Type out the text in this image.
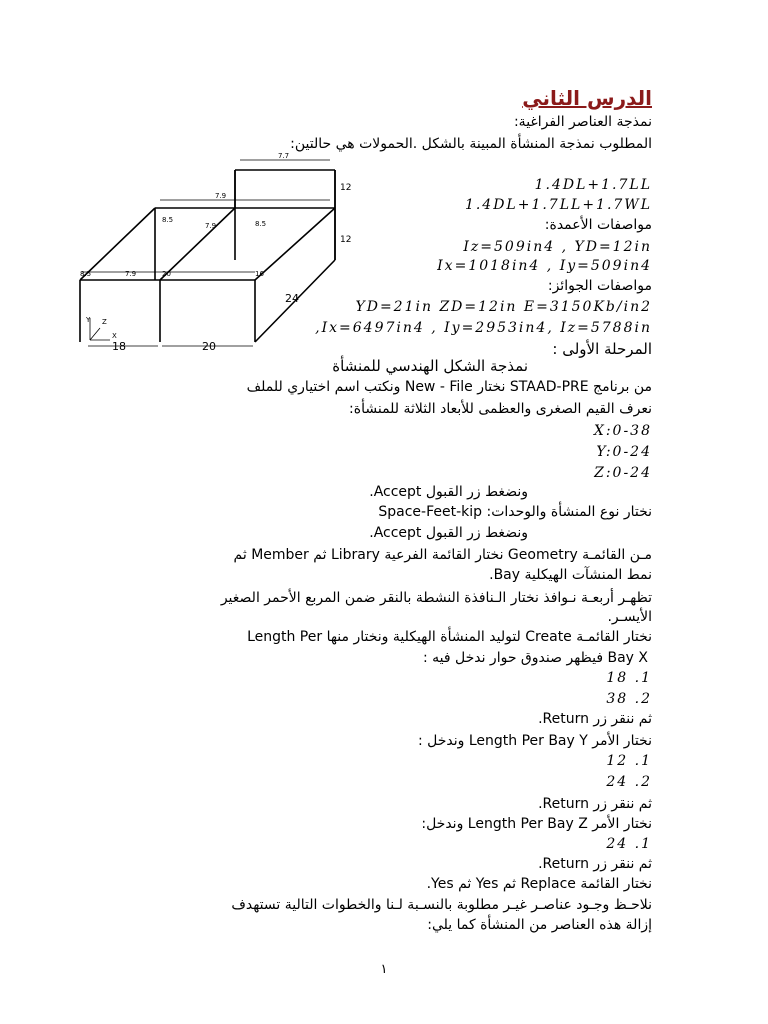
الدرس الثاني
نمذجة العناصر الفراغية:
المطلوب نمذجة المنشأة المبينة بالشكل .الحمولات هي حالتين:
1.4DL+1.7LL
1.4DL+1.7LL+1.7WL
مواصفات الأعمدة:
Iz=509in4 , YD=12in
Ix=1018in4 , Iy=509in4
مواصفات الجوائز:
YD=21in ZD=12in E=3150Kb/in2
Ix=6497in4 , Iy=2953in4, Iz=5788in,
المرحلة الأولى :
نمذجة الشكل الهندسي للمنشأة
من برنامج STAAD-PRE نختار New - File ونكتب اسم اختياري للملف
نعرف القيم الصغرى والعظمى للأبعاد الثلاثة للمنشأة:
X:0-38
Y:0-24
Z:0-24
ونضغط زر القبول Accept.
نختار نوع المنشأة والوحدات: Space-Feet-kip
ونضغط زر القبول Accept.
مـن القائمـة Geometry نختار القائمة الفرعية Library ثم Member ثم
نمط المنشآت الهيكلية Bay.
تظهـر أربعـة نـوافذ نختار الـنافذة النشطة بالنقر ضمن المربع الأحمر الصغير
الأيسـر.
نختار القائمـة Create لتوليد المنشأة الهيكلية ونختار منها Length Per
Bay X فيظهر صندوق حوار ندخل فيه :
1. 18
2. 38
ثم ننقر زر Return.
نختار الأمر Length Per Bay Y وندخل :
1. 12
2. 24
ثم ننقر زر Return.
نختار الأمر Length Per Bay Z وندخل:
1. 24
ثم ننقر زر Return.
نختار القائمة Replace ثم Yes ثم Yes.
نلاحـظ وجـود عناصـر غيـر مطلوبة بالنسـبة لـنا والخطوات التالية تستهدف
إزالة هذه العناصر من المنشأة كما يلي:
7.7
7.9
8.5
7.9	8.5
8.5	7.9	20	16
12
12
18	20
24
Y
X
Z
١
